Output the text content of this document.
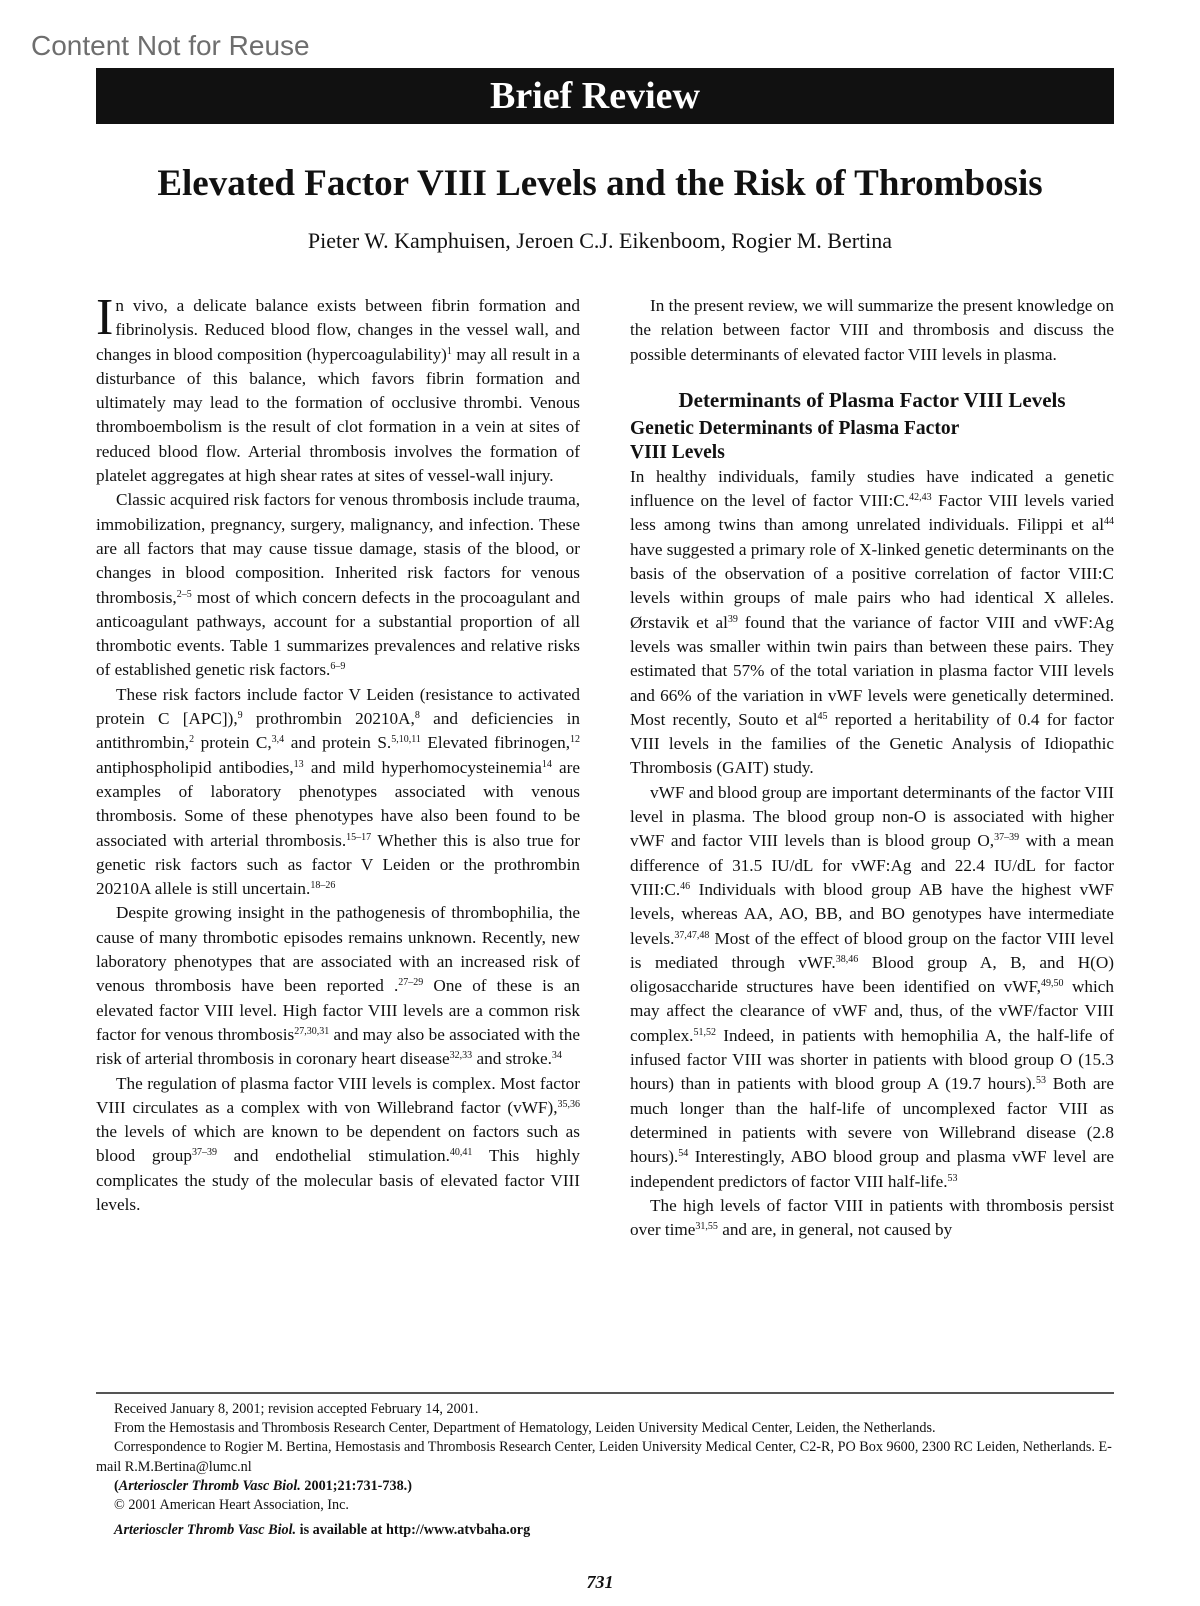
Content Not for Reuse
Brief Review
Elevated Factor VIII Levels and the Risk of Thrombosis
Pieter W. Kamphuisen, Jeroen C.J. Eikenboom, Rogier M. Bertina

In vivo, a delicate balance exists between fibrin formation and fibrinolysis. Reduced blood flow, changes in the vessel wall, and changes in blood composition (hypercoagulability)$^1$ may all result in a disturbance of this balance, which favors fibrin formation and ultimately may lead to the formation of occlusive thrombi. Venous thromboembolism is the result of clot formation in a vein at sites of reduced blood flow. Arterial thrombosis involves the formation of platelet aggregates at high shear rates at sites of vessel-wall injury.

Classic acquired risk factors for venous thrombosis include trauma, immobilization, pregnancy, surgery, malignancy, and infection. These are all factors that may cause tissue damage, stasis of the blood, or changes in blood composition. Inherited risk factors for venous thrombosis,$^{2-5}$ most of which concern defects in the procoagulant and anticoagulant pathways, account for a substantial proportion of all thrombotic events. Table 1 summarizes prevalences and relative risks of established genetic risk factors.$^{6-9}$

These risk factors include factor V Leiden (resistance to activated protein C [APC]),$^9$ prothrombin 20210A,$^8$ and deficiencies in antithrombin,$^2$ protein C,$^{3,4}$ and protein S.$^{5,10,11}$ Elevated fibrinogen,$^{12}$ antiphospholipid antibodies,$^{13}$ and mild hyperhomocysteinemia$^{14}$ are examples of laboratory phenotypes associated with venous thrombosis. Some of these phenotypes have also been found to be associated with arterial thrombosis.$^{15-17}$ Whether this is also true for genetic risk factors such as factor V Leiden or the prothrombin 20210A allele is still uncertain.$^{18-26}$

Despite growing insight in the pathogenesis of thrombophilia, the cause of many thrombotic episodes remains unknown. Recently, new laboratory phenotypes that are associated with an increased risk of venous thrombosis have been reported .$^{27-29}$ One of these is an elevated factor VIII level. High factor VIII levels are a common risk factor for venous thrombosis$^{27,30,31}$ and may also be associated with the risk of arterial thrombosis in coronary heart disease$^{32,33}$ and stroke.$^{34}$

The regulation of plasma factor VIII levels is complex. Most factor VIII circulates as a complex with von Willebrand factor (vWF),$^{35,36}$ the levels of which are known to be dependent on factors such as blood group$^{37-39}$ and endothelial stimulation.$^{40,41}$ This highly complicates the study of the molecular basis of elevated factor VIII levels.

In the present review, we will summarize the present knowledge on the relation between factor VIII and thrombosis and discuss the possible determinants of elevated factor VIII levels in plasma.

Determinants of Plasma Factor VIII Levels
Genetic Determinants of Plasma Factor
VIII Levels

In healthy individuals, family studies have indicated a genetic influence on the level of factor VIII:C.$^{42,43}$ Factor VIII levels varied less among twins than among unrelated individuals. Filippi et $al^{44}$ have suggested a primary role of X-linked genetic determinants on the basis of the observation of a positive correlation of factor VIII:C levels within groups of male pairs who had identical X alleles. Ørstavik et $al^{39}$ found that the variance of factor VIII and vWF:Ag levels was smaller within twin pairs than between these pairs. They estimated that 57% of the total variation in plasma factor VIII levels and 66% of the variation in vWF levels were genetically determined. Most recently, Souto et $al^{45}$ reported a heritability of 0.4 for factor VIII levels in the families of the Genetic Analysis of Idiopathic Thrombosis (GAIT) study.

vWF and blood group are important determinants of the factor VIII level in plasma. The blood group non-O is associated with higher vWF and factor VIII levels than is blood group O,$^{37-39}$ with a mean difference of 31.5 IU/dL for vWF:Ag and 22.4 IU/dL for factor VIII:C.$^{46}$ Individuals with blood group AB have the highest vWF levels, whereas AA, AO, BB, and BO genotypes have intermediate levels.$^{37,47,48}$ Most of the effect of blood group on the factor VIII level is mediated through vWF.$^{38,46}$ Blood group A, B, and H(O) oligosaccharide structures have been identified on vWF,$^{49,50}$ which may affect the clearance of vWF and, thus, of the vWF/factor VIII complex.$^{51,52}$ Indeed, in patients with hemophilia A, the half-life of infused factor VIII was shorter in patients with blood group O (15.3 hours) than in patients with blood group A (19.7 hours).$^{53}$ Both are much longer than the half-life of uncomplexed factor VIII as determined in patients with severe von Willebrand disease (2.8 hours).$^{54}$ Interestingly, ABO blood group and plasma vWF level are independent predictors of factor VIII half-life.$^{53}$

The high levels of factor VIII in patients with thrombosis persist over time$^{31,55}$ and are, in general, not caused by

Received January 8, 2001; revision accepted February 14, 2001.
From the Hemostasis and Thrombosis Research Center, Department of Hematology, Leiden University Medical Center, Leiden, the Netherlands.
Correspondence to Rogier M. Bertina, Hemostasis and Thrombosis Research Center, Leiden University Medical Center, C2-R, PO Box 9600, 2300 RC Leiden, Netherlands. E-mail R.M.Bertina@lumc.nl
(Arterioscler Thromb Vasc Biol. 2001;21:731-738.)
© 2001 American Heart Association, Inc.
Arterioscler Thromb Vasc Biol. is available at http://www.atvbaha.org
731
